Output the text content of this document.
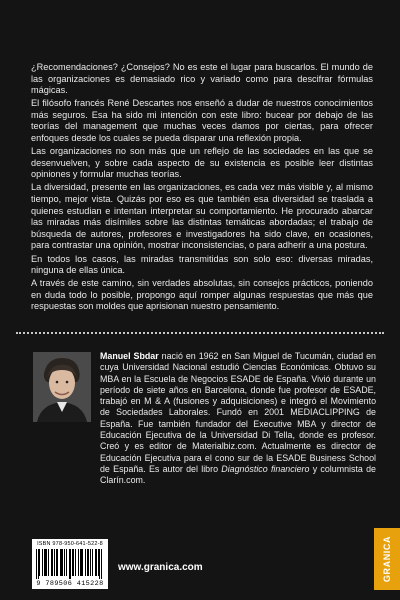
¿Recomendaciones? ¿Consejos? No es este el lugar para buscarlos. El mundo de las organizaciones es demasiado rico y variado como para descifrar fórmulas mágicas.

El filósofo francés René Descartes nos enseñó a dudar de nuestros conocimientos más seguros. Esa ha sido mi intención con este libro: bucear por debajo de las teorías del management que muchas veces damos por ciertas, para ofrecer enfoques desde los cuales se pueda disparar una reflexión propia.

Las organizaciones no son más que un reflejo de las sociedades en las que se desenvuelven, y sobre cada aspecto de su existencia es posible leer distintas opiniones y formular muchas teorías.

La diversidad, presente en las organizaciones, es cada vez más visible y, al mismo tiempo, mejor vista. Quizás por eso es que también esa diversidad se traslada a quienes estudian e intentan interpretar su comportamiento. He procurado abarcar las miradas más disímiles sobre las distintas temáticas abordadas; el trabajo de búsqueda de autores, profesores e investigadores ha sido clave, en ocasiones, para contrastar una opinión, mostrar inconsistencias, o para adherir a una postura.

En todos los casos, las miradas transmitidas son solo eso: diversas miradas, ninguna de ellas única.

A través de este camino, sin verdades absolutas, sin consejos prácticos, poniendo en duda todo lo posible, propongo aquí romper algunas respuestas que más que respuestas son moldes que aprisionan nuestro pensamiento.

Manuel Sbdar nació en 1962 en San Miguel de Tucumán, ciudad en cuya Universidad Nacional estudió Ciencias Económicas. Obtuvo su MBA en la Escuela de Negocios ESADE de España. Vivió durante un período de siete años en Barcelona, donde fue profesor de ESADE, trabajó en M & A (fusiones y adquisiciones) e integró el Movimiento de Sociedades Laborales. Fundó en 2001 MEDIACLIPPING de España. Fue también fundador del Executive MBA y director de Educación Ejecutiva de la Universidad Di Tella, donde es profesor. Creó y es editor de Materialbiz.com. Actualmente es director de Educación Ejecutiva para el cono sur de la ESADE Business School de España. Es autor del libro Diagnóstico financiero y columnista de Clarín.com.
ISBN 978-950-641-522-8
9 789506 415228
www.granica.com	GRANICA
